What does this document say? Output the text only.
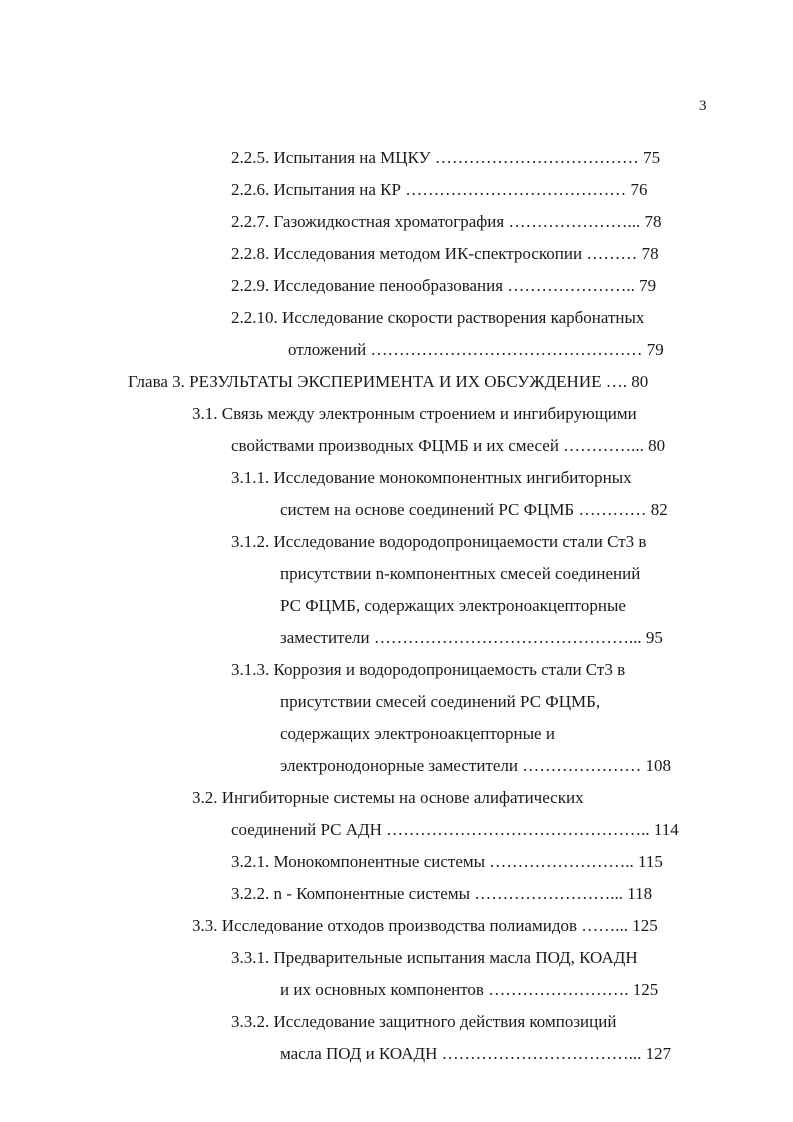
3
2.2.5. Испытания на МЦКУ ……………………………… 75
2.2.6. Испытания на КР ………………………………… 76
2.2.7. Газожидкостная хроматография …………………... 78
2.2.8. Исследования методом ИК-спектроскопии ……… 78
2.2.9. Исследование пенообразования ………………….. 79
2.2.10. Исследование скорости растворения карбонатных
отложений ………………………………………… 79
Глава 3. РЕЗУЛЬТАТЫ ЭКСПЕРИМЕНТА И ИХ ОБСУЖДЕНИЕ …. 80
3.1. Связь между электронным строением и ингибирующими
свойствами производных ФЦМБ и их смесей …………... 80
3.1.1. Исследование монокомпонентных ингибиторных
систем на основе соединений РС ФЦМБ ………… 82
3.1.2. Исследование водородопроницаемости стали Ст3 в
присутствии n-компонентных смесей соединений
РС ФЦМБ, содержащих электроноакцепторные
заместители ………………………………………... 95
3.1.3. Коррозия и водородопроницаемость стали Ст3 в
присутствии смесей соединений РС ФЦМБ,
содержащих электроноакцепторные и
электронодонорные заместители ………………… 108
3.2. Ингибиторные системы на основе алифатических
соединений РС АДН ……………………………………….. 114
3.2.1. Монокомпонентные системы …………………….. 115
3.2.2. n - Компонентные системы ……………………... 118
3.3. Исследование отходов производства полиамидов ……... 125
3.3.1. Предварительные испытания масла ПОД, КОАДН
и их основных компонентов ……………………. 125
3.3.2. Исследование защитного действия композиций
масла ПОД и КОАДН ……………………………... 127
